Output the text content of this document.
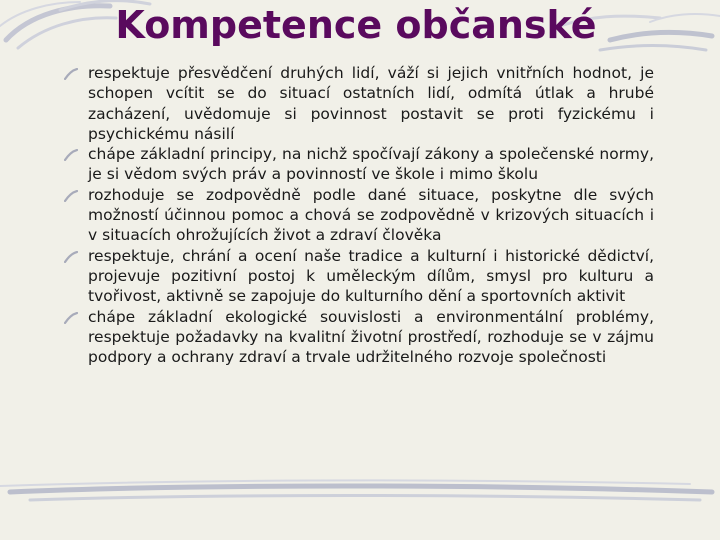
Kompetence občanské
respektuje přesvědčení druhých lidí, váží si jejich vnitřních hodnot, je schopen vcítit se do situací ostatních lidí, odmítá útlak a hrubé zacházení, uvědomuje si povinnost postavit se proti fyzickému i psychickému násilí
chápe základní principy, na nichž spočívají zákony a společenské normy, je si vědom svých práv a povinností ve škole i mimo školu
rozhoduje se zodpovědně podle dané situace, poskytne dle svých možností účinnou pomoc a chová se zodpovědně v krizových situacích i v situacích ohrožujících život a zdraví člověka
respektuje, chrání a ocení naše tradice a kulturní i historické dědictví, projevuje pozitivní postoj k uměleckým dílům, smysl pro kulturu a tvořivost, aktivně se zapojuje do kulturního dění a sportovních aktivit
chápe základní ekologické souvislosti a environmentální problémy, respektuje požadavky na kvalitní životní prostředí, rozhoduje se v zájmu podpory a ochrany zdraví a trvale udržitelného rozvoje společnosti
